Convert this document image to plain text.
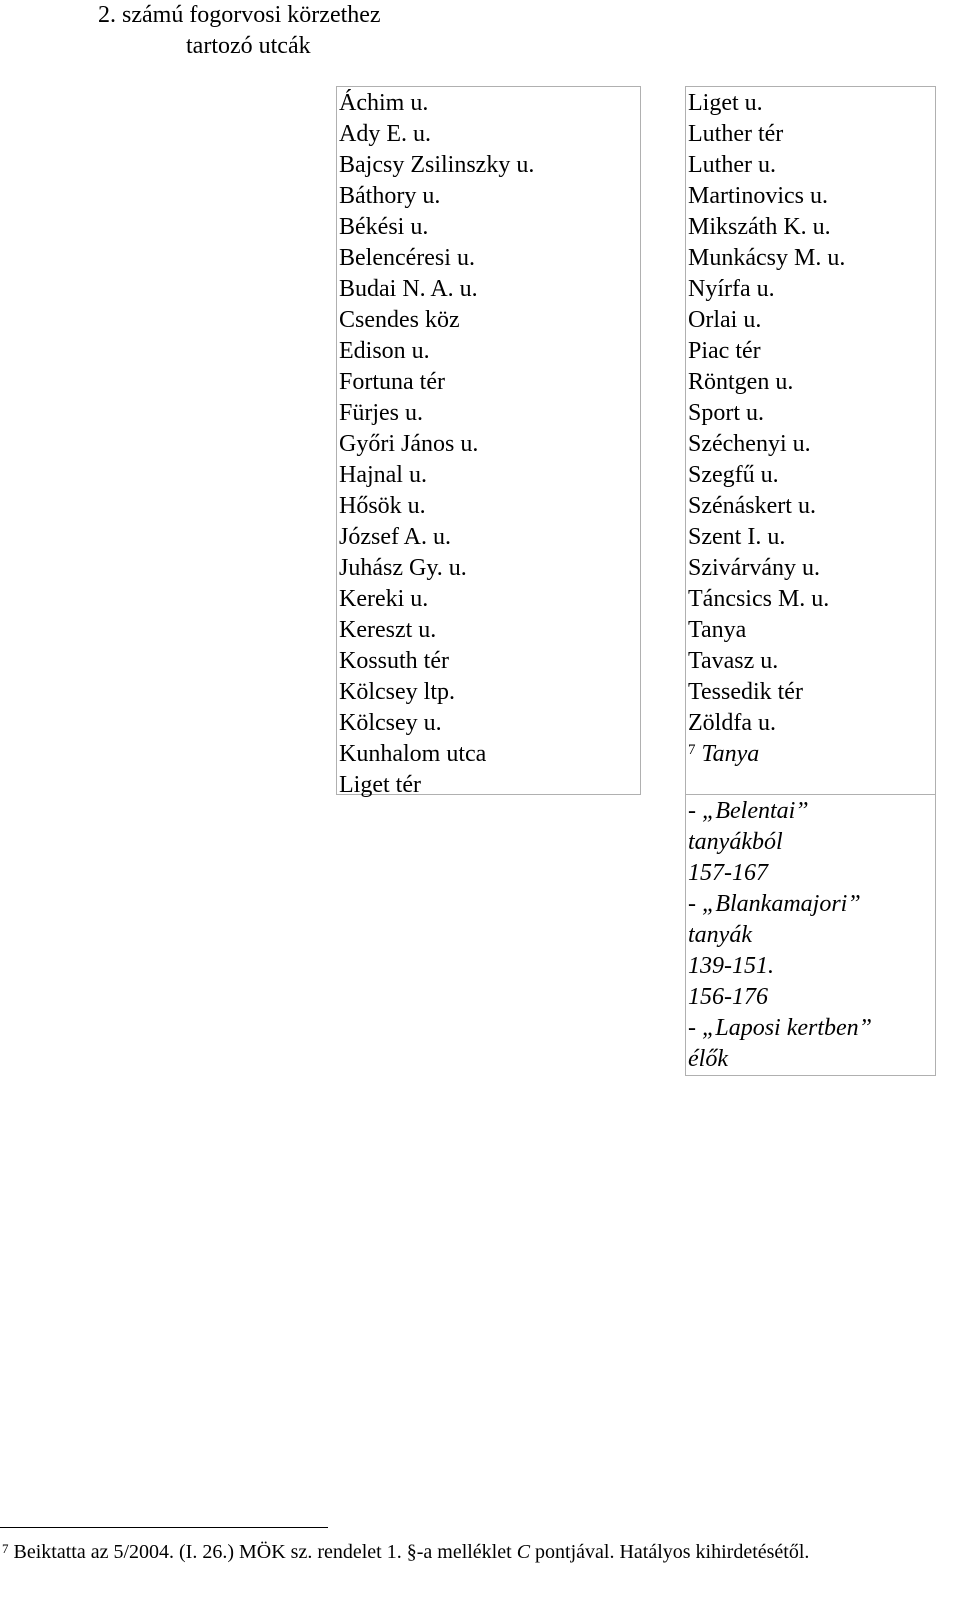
2. számú fogorvosi körzethez
tartozó utcák
Áchim u.
Ady E. u.
Bajcsy Zsilinszky u.
Báthory u.
Békési u.
Belencéresi u.
Budai N. A. u.
Csendes köz
Edison u.
Fortuna tér
Fürjes u.
Győri János u.
Hajnal u.
Hősök u.
József A. u.
Juhász Gy. u.
Kereki u.
Kereszt u.
Kossuth tér
Kölcsey ltp.
Kölcsey u.
Kunhalom utca
Liget tér
Liget u.
Luther tér
Luther u.
Martinovics u.
Mikszáth K. u.
Munkácsy M. u.
Nyírfa u.
Orlai u.
Piac tér
Röntgen u.
Sport u.
Széchenyi u.
Szegfű u.
Szénáskert u.
Szent I. u.
Szivárvány u.
Táncsics M. u.
Tanya
Tavasz u.
Tessedik tér
Zöldfa u.
$^7$ Tanya
- „Belentai”
tanyákból
157-167
- „Blankamajori”
tanyák
139-151.
156-176
- „Laposi kertben”
élők
$^7$ Beiktatta az 5/2004. (I. 26.) MÖK sz. rendelet 1. §-a melléklet C pontjával. Hatályos kihirdetésétől.
